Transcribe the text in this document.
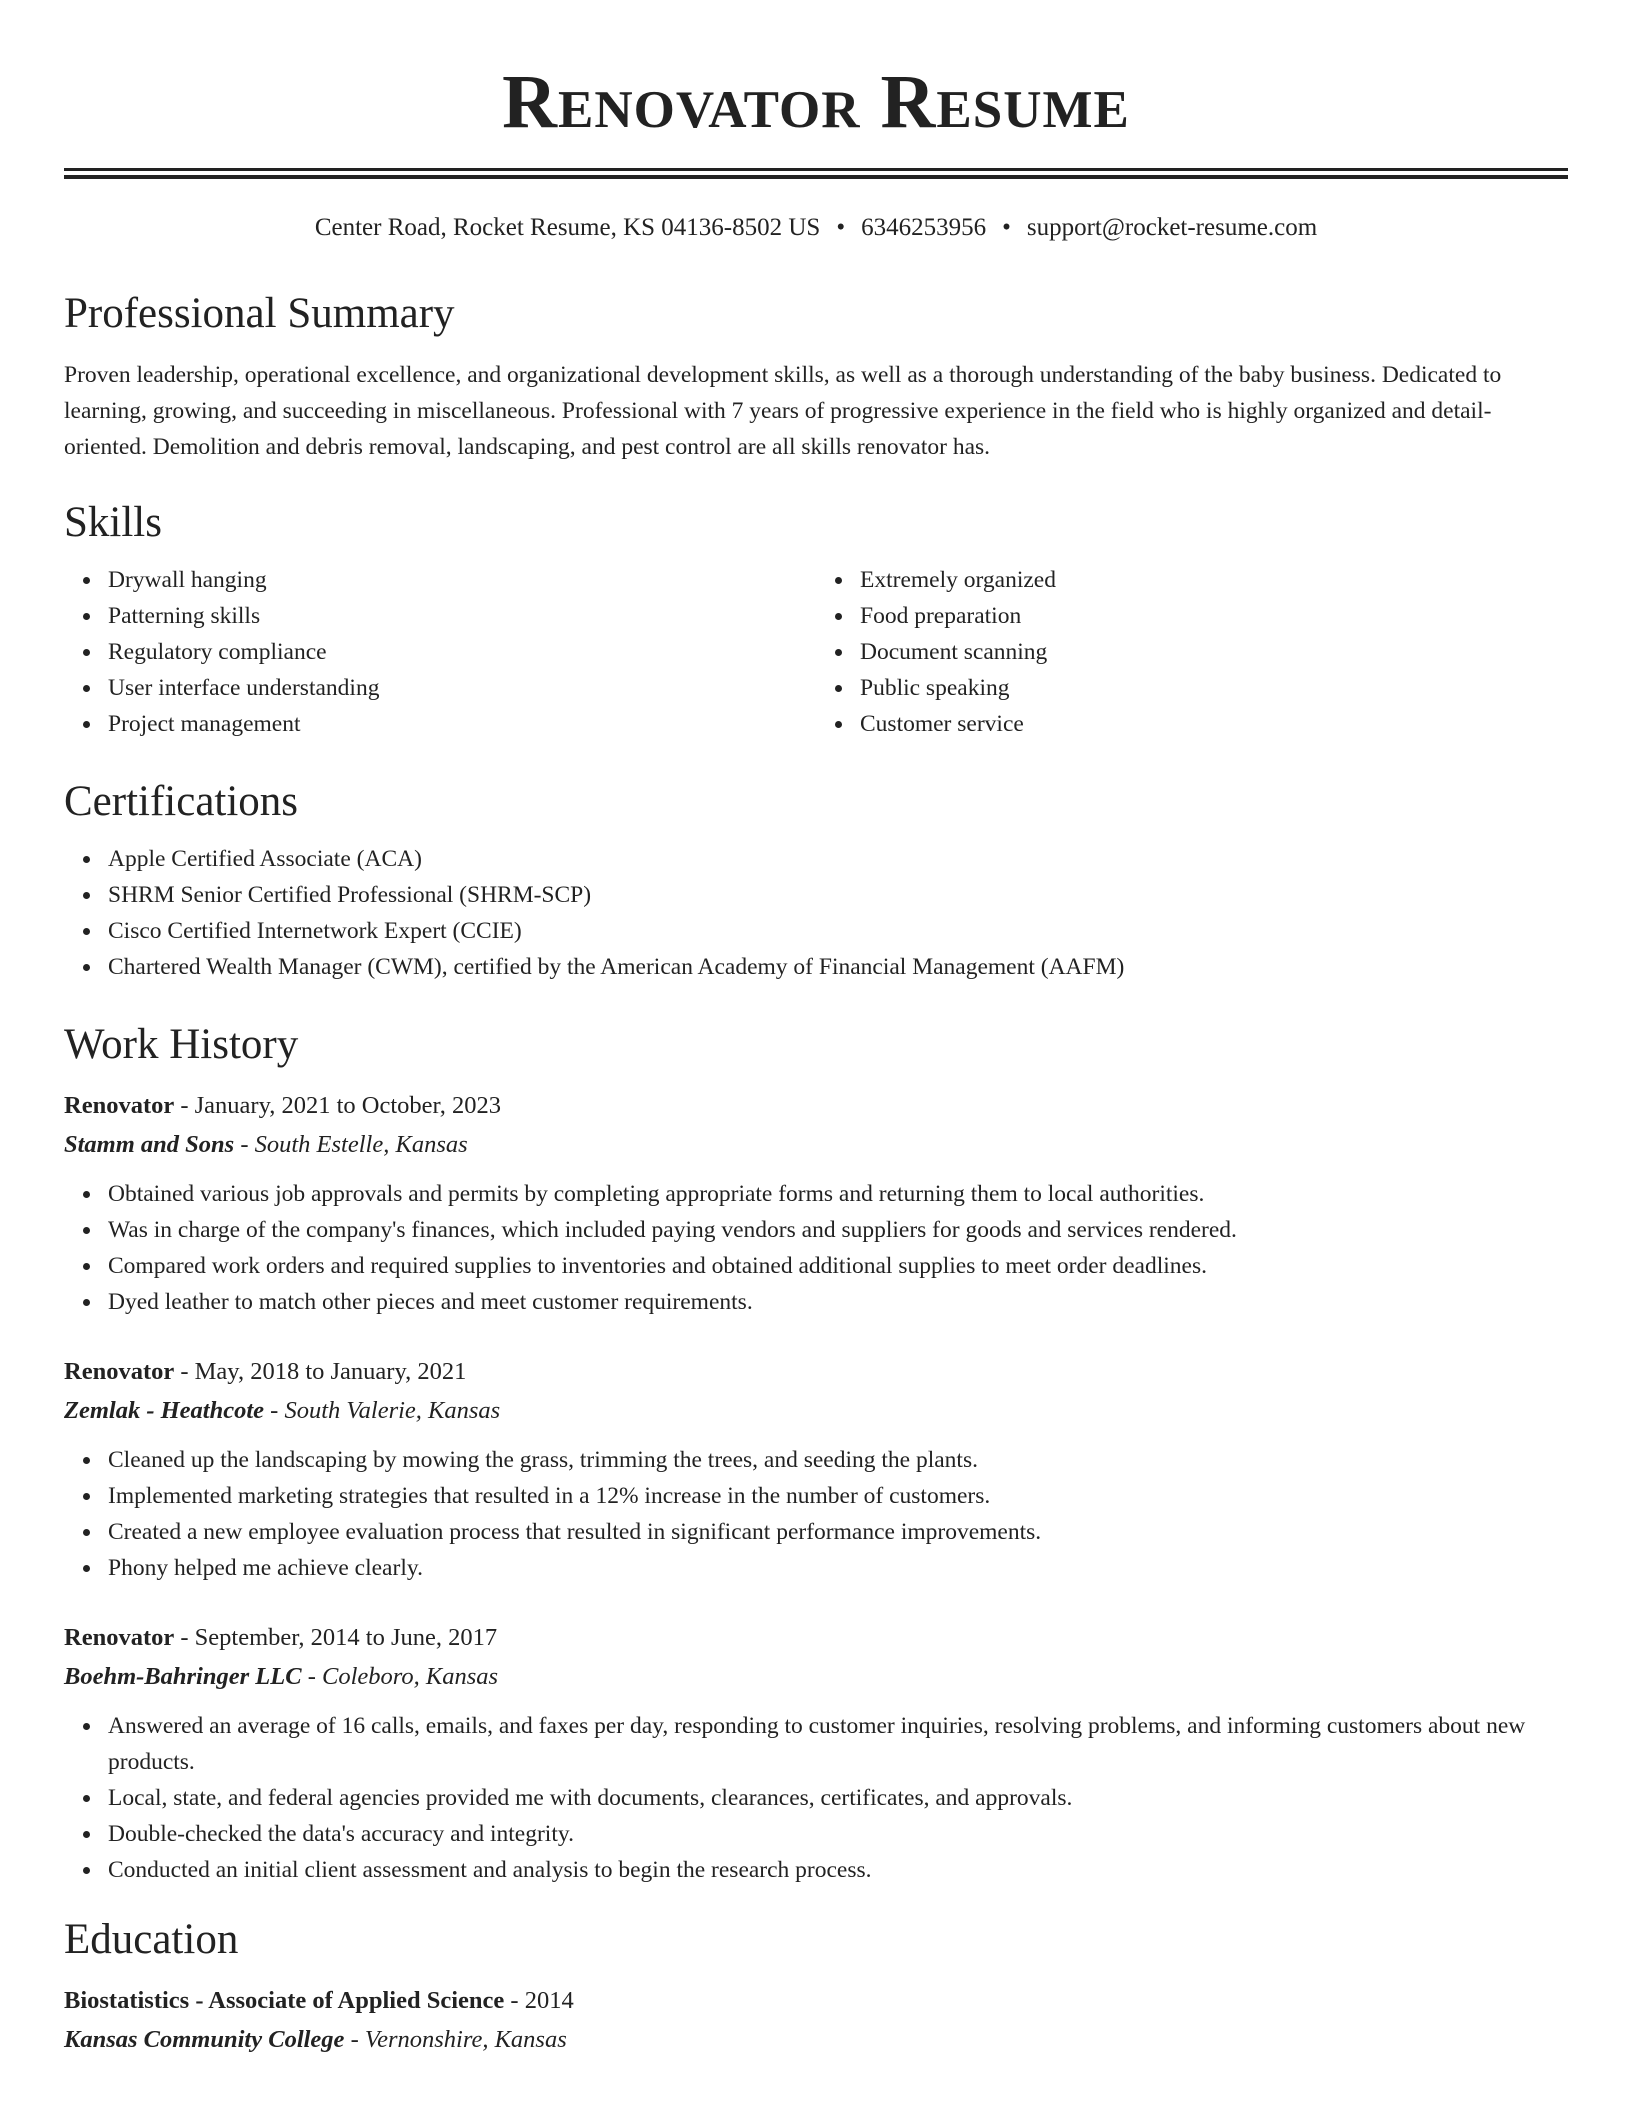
Renovator Resume
Center Road, Rocket Resume, KS 04136-8502 US • 6346253956 • support@rocket-resume.com
Professional Summary

Proven leadership, operational excellence, and organizational development skills, as well as a thorough understanding of the baby business. Dedicated to learning, growing, and succeeding in miscellaneous. Professional with 7 years of progressive experience in the field who is highly organized and detail-oriented. Demolition and debris removal, landscaping, and pest control are all skills renovator has.

Skills
Drywall hanging
Patterning skills
Regulatory compliance
User interface understanding
Project management
Extremely organized
Food preparation
Document scanning
Public speaking
Customer service
Certifications
Apple Certified Associate (ACA)
SHRM Senior Certified Professional (SHRM-SCP)
Cisco Certified Internetwork Expert (CCIE)
Chartered Wealth Manager (CWM), certified by the American Academy of Financial Management (AAFM)
Work History
Renovator - January, 2021 to October, 2023
Stamm and Sons - South Estelle, Kansas
Obtained various job approvals and permits by completing appropriate forms and returning them to local authorities.
Was in charge of the company's finances, which included paying vendors and suppliers for goods and services rendered.
Compared work orders and required supplies to inventories and obtained additional supplies to meet order deadlines.
Dyed leather to match other pieces and meet customer requirements.
Renovator - May, 2018 to January, 2021
Zemlak - Heathcote - South Valerie, Kansas
Cleaned up the landscaping by mowing the grass, trimming the trees, and seeding the plants.
Implemented marketing strategies that resulted in a 12% increase in the number of customers.
Created a new employee evaluation process that resulted in significant performance improvements.
Phony helped me achieve clearly.
Renovator - September, 2014 to June, 2017
Boehm-Bahringer LLC - Coleboro, Kansas
Answered an average of 16 calls, emails, and faxes per day, responding to customer inquiries, resolving problems, and informing customers about new products.
Local, state, and federal agencies provided me with documents, clearances, certificates, and approvals.
Double-checked the data's accuracy and integrity.
Conducted an initial client assessment and analysis to begin the research process.
Education
Biostatistics - Associate of Applied Science - 2014
Kansas Community College - Vernonshire, Kansas
